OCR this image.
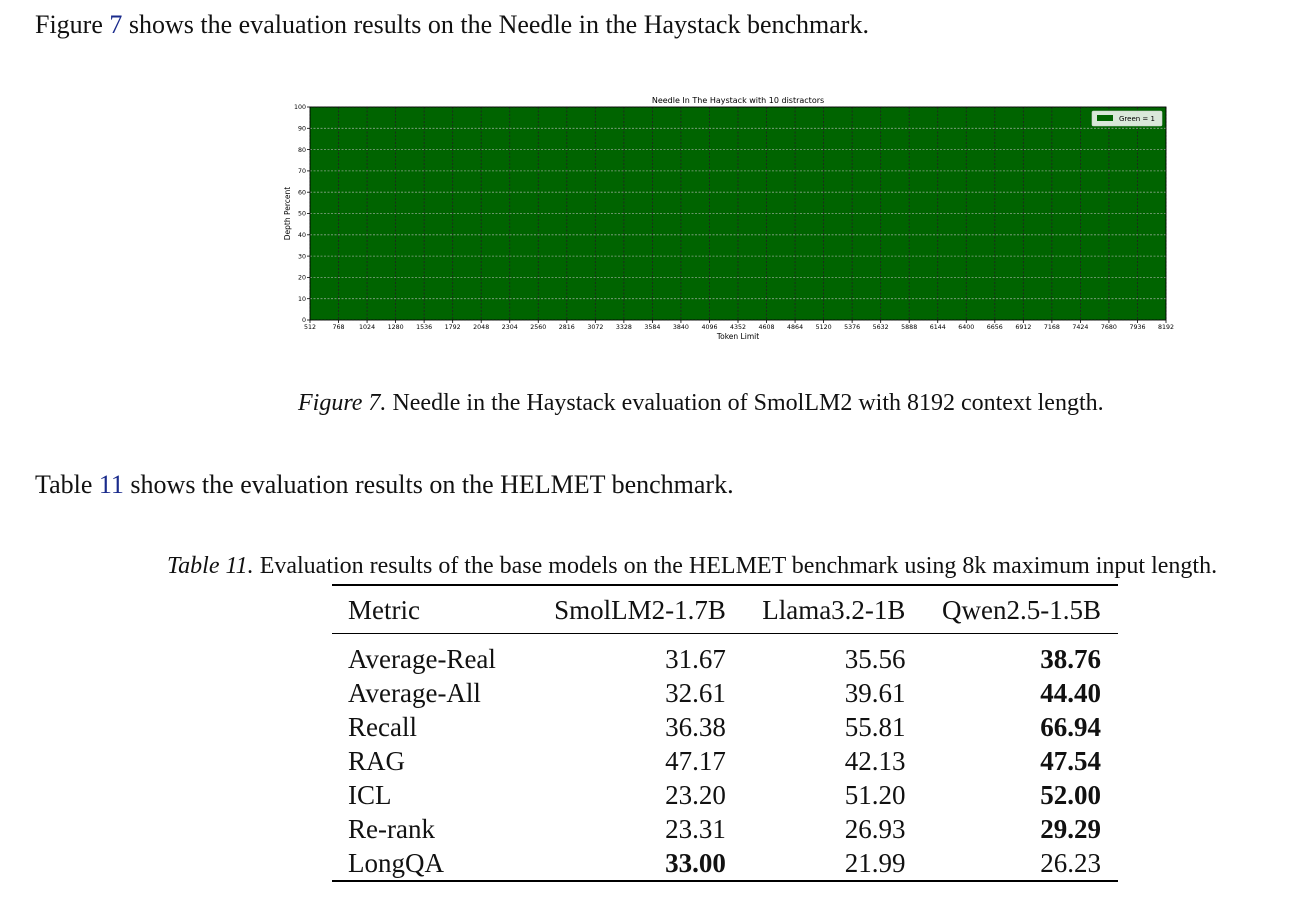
Figure 7 shows the evaluation results on the Needle in the Haystack benchmark.
512	768 1024 1280 1536 1792 2048 2304 2560 2816 3072 3328 3584 3840 4096 4352 4608 4864 5120 5376 5632 5888 6144 6400 6656 6912 7168 7424 7680 7936 8192
0
10
20
30
40
50
60
70
80
90
100
Needle In The Haystack with 10 distractors
Token Limit
Depth Percent
Green = 1
Figure 7. Needle in the Haystack evaluation of SmolLM2 with 8192 context length.
Table 11 shows the evaluation results on the HELMET benchmark.
Table 11. Evaluation results of the base models on the HELMET benchmark using 8k maximum input length.
Metric	SmolLM2-1.7B	Llama3.2-1B	Qwen2.5-1.5B
Average-Real	31.67	35.56	38.76
Average-All	32.61	39.61	44.40
Recall	36.38	55.81	66.94
RAG	47.17	42.13	47.54
ICL	23.20	51.20	52.00
Re-rank	23.31	26.93	29.29
LongQA	33.00	21.99	26.23
